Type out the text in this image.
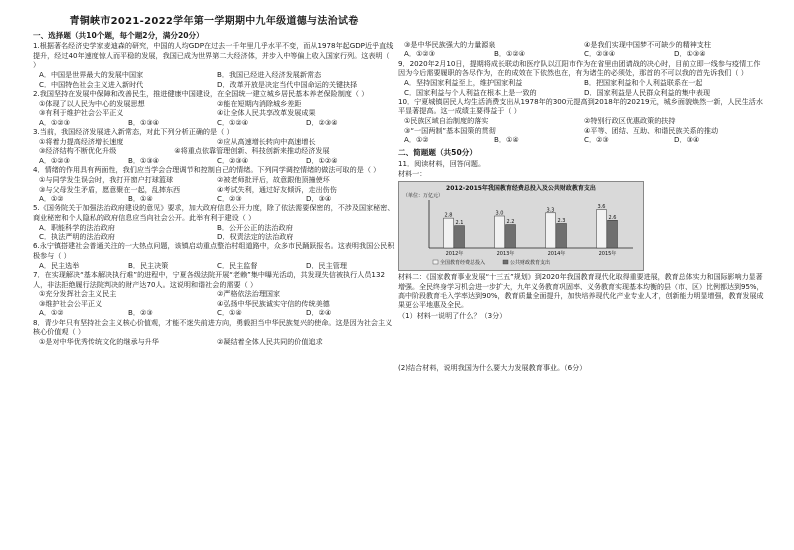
青铜峡市2021-2022学年第一学期期中九年级道德与法治试卷
一、选择题（共10个题，每个题2分，满分20分）
1.根据著名经济史学家麦迪森的研究，中国的人均GDP在过去一千年里几乎水平不变，而从1978年起GDP近乎直线提升，经过40年速度惊人而平稳的发展，我国已成为世界第二大经济体，并步入中等偏上收入国家行列。这表明（ ）
A．中国是世界最大的发展中国家	B．我国已经进入经济发展新常态
C．中国特色社会主义进入新时代	D．改革开放是决定当代中国命运的关键抉择
2.我国坚持在发展中保障和改善民生，推进健康中国建设，在全国统一建立城乡居民基本养老保险制度（ ）
①体现了以人民为中心的发展思想	②能在短期内消除城乡差距
③有利于维护社会公平正义	④让全体人民共享改革发展成果
A．①②③	B．①③④	C．①②④	D．②③④
3.当前，我国经济发展进入新常态，对此下列分析正确的是（ ）
①将着力提高经济增长速度	②应从高速增长转向中高速增长
③经济结构不断优化升级	④将重点依靠管理创新、科技创新来推动经济发展
A．①②③	B．①③④	C．②③④	D．①②④
4．情绪的作用具有两面性，我们应当学会合理调节和控制自己的情绪。下列同学调控情绪的做法可取的是（ ）
①与同学发生误会时，我打开窗户打球篮球	②被老师批评后，故意跟他顶撞使坏
③与父母发生矛盾，愿意聚在一起，乱摔东西	④考试失利，通过好友倾诉，走出伤伤
A．①②	B．①④	C．②③	D．③④
5.《国务院关于加强法治政府建设的意见》要求，加大政府信息公开力度，除了依法需要保密的，不涉及国家秘密、商业秘密和个人隐私的政府信息应当向社会公开。此举有利于建设（ ）
A．职能科学的法治政府	B．公开公正的法治政府
C．执法严明的法治政府	D．权责法定的法治政府
6.永宁镇搭建社会普通关注的一大热点问题，该镇启动重点整治村组道路中，众多市民踊跃报名。这表明我国公民积极参与（ ）
A．民主选举	B．民主决策	C．民主监督	D．民主管理
7．在实现解决“基本解决执行难”的进程中，宁夏各级法院开展“老赖”集中曝光活动，共发现失信被执行人员132人，非法拒绝履行法院判决的财产达70人。这说明和谐社会的需要（ ）
①充分发挥社会主义民主	②严格依法治理国家
③维护社会公平正义	④弘扬中华民族诚实守信的传统美德
A．①②	B．②③	C．①④	D．②④
8．青少年只有坚持社会主义核心价值观，才能不迷失前进方向，勇毅担当中华民族复兴的使命。这是因为社会主义核心价值观（ ）
①是对中华优秀传统文化的继承与升华	②凝结着全体人民共同的价值追求
③是中华民族强大的力量源泉	④是我们实现中国梦不可缺少的精神支柱
A．①②③	B．①②④	C．②③④	D．①③④
9．2020年2月10日，提期将成长联动和医疗队以江阳市作为在省里由团请战的决心时，目前立即一线参与疫情工作因为今后需要履职的各尽作为，在的成效在下依然也在，有为诸生的必须处，那首的不可以我的首先诉我们（ ）
A．坚持国家利益至上，维护国家利益	B．把国家利益和个人利益联系在一起
C．国家利益与个人利益在根本上是一致的	D．国家利益是人民群众利益的集中表现
10．宁夏城镇居民人均生活消费支出从1978年的300元提高到2018年的20219元，城乡面貌焕然一新，人民生活水平显著提高。这一成绩主要得益于（ ）
①民族区域自治制度的落实	②特别行政区优惠政策的扶持
③“一国两制”基本国策的贯彻	④平等、团结、互助、和谐民族关系的推动
A．①②	B．①④	C．②③	D．③④
二、简题题（共50分）
11．阅读材料，回答问题。
材料一：
2012-2015年我国教育经费总投入及公共财政教育支出
（单位：万亿元）
2.8
2.1
2012年
3.0
2.2
2013年
3.3
2.3
2014年
3.6
2.6
2015年
全国教育经费总投入	公共财政教育支出
材料二：《国家教育事业发展“十三五”规划》到2020年我国教育现代化取得重要进展，教育总体实力和国际影响力显著增强。全民终身学习机会进一步扩大，九年义务教育巩固率、义务教育实现基本均衡的县（市、区）比例都达到95%，高中阶段教育毛入学率达到90%，教育质量全面提升，加快培养现代化产业专业人才，创新能力明显增强，教育发展成果更公平地惠及全民。
（1）材料一说明了什么？（3分）
(2)结合材料，说明我国为什么要大力发展教育事业。（6分）
